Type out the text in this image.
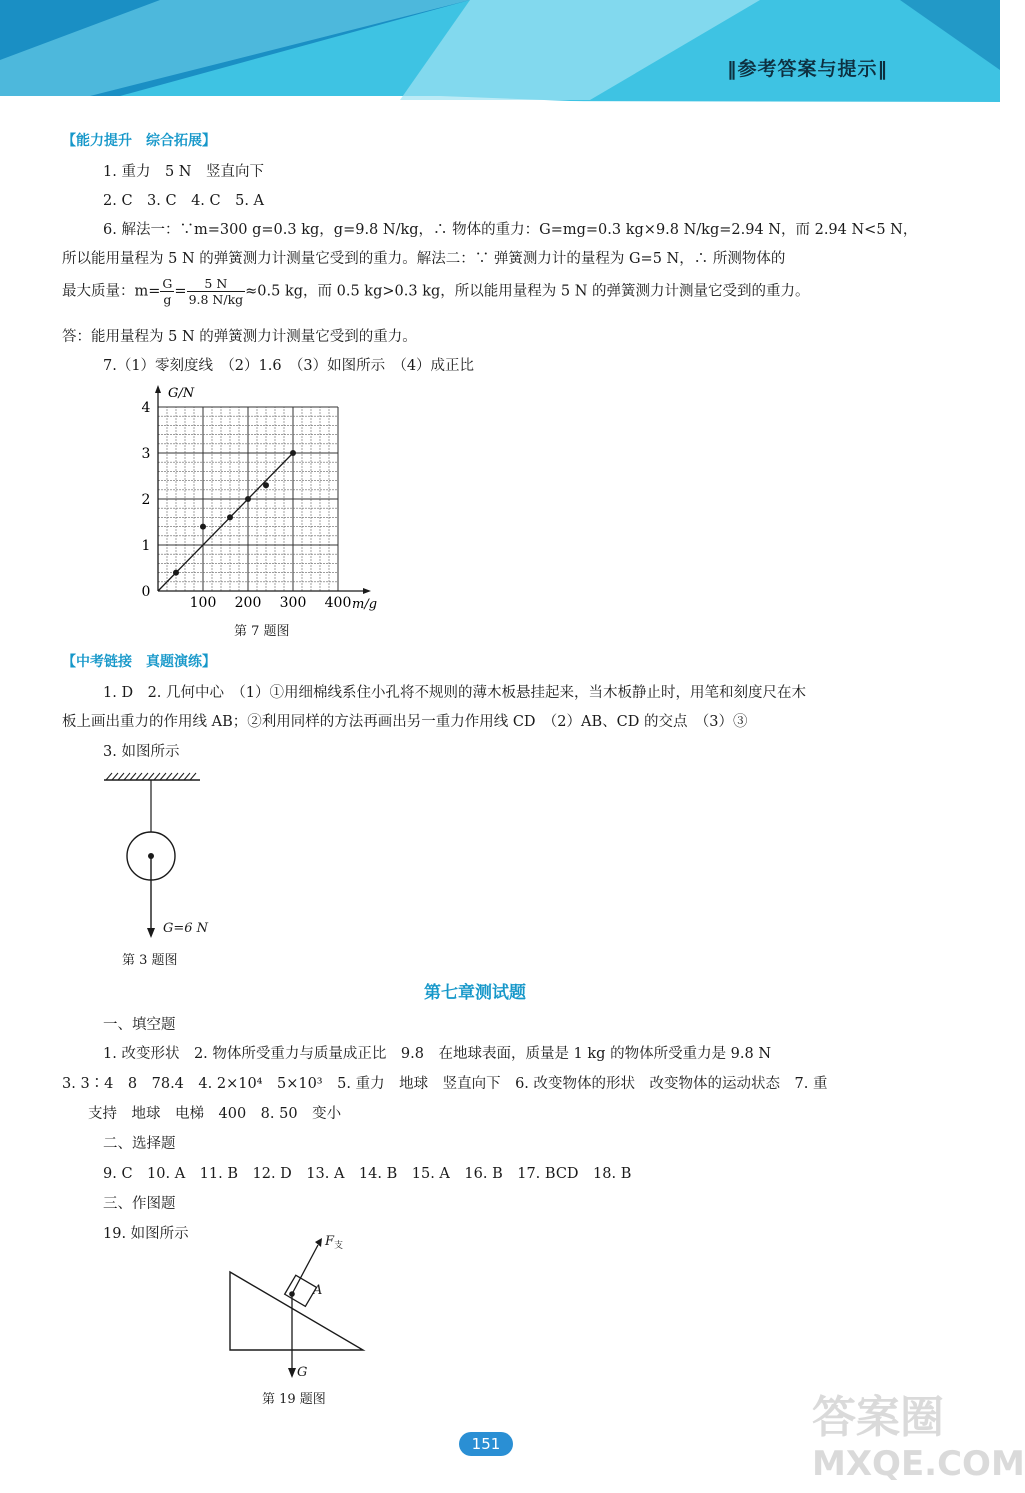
‖参考答案与提示‖
【能力提升　综合拓展】
1. 重力　5 N　竖直向下
2. C　3. C　4. C　5. A
6. 解法一：∵m=300 g=0.3 kg，g=9.8 N/kg，∴ 物体的重力：G=mg=0.3 kg×9.8 N/kg=2.94 N，而 2.94 N<5 N，
所以能用量程为 5 N 的弹簧测力计测量它受到的重力。解法二：∵ 弹簧测力计的量程为 G=5 N，∴ 所测物体的
最大质量：$m= \frac{G}{g} = \frac{5 N}{9.8 N/kg} \approx 0.5$ kg，而 0.5 kg>0.3 kg，所以能用量程为 5 N 的弹簧测力计测量它受到的重力。
答：能用量程为 5 N 的弹簧测力计测量它受到的重力。
7.（1）零刻度线　（2）1.6　（3）如图所示　（4）成正比
100 200 300 400
1
2
3
4
0
m/g
G/N
第 7 题图
【中考链接　真题演练】
1. D　2. 几何中心　（1）①用细棉线系住小孔将不规则的薄木板悬挂起来，当木板静止时，用笔和刻度尺在木
板上画出重力的作用线 AB；②利用同样的方法再画出另一重力作用线 CD　（2）AB、CD 的交点　（3）③
3. 如图所示
G=6 N
第 3 题图
第七章测试题
一、填空题
1. 改变形状　2. 物体所受重力与质量成正比　9.8　在地球表面，质量是 1 kg 的物体所受重力是 9.8 N
3. 3∶4　8　78.4　4. 2×10⁴　5×10³　5. 重力　地球　竖直向下　6. 改变物体的形状　改变物体的运动状态　7. 重
支持　地球　电梯　400　8. 50　变小
二、选择题
9. C　10. A　11. B　12. D　13. A　14. B　15. A　16. B　17. BCD　18. B
三、作图题
19. 如图所示	$F_支$
A
G
第 19 题图
151
答案圈
MXQE.COM
